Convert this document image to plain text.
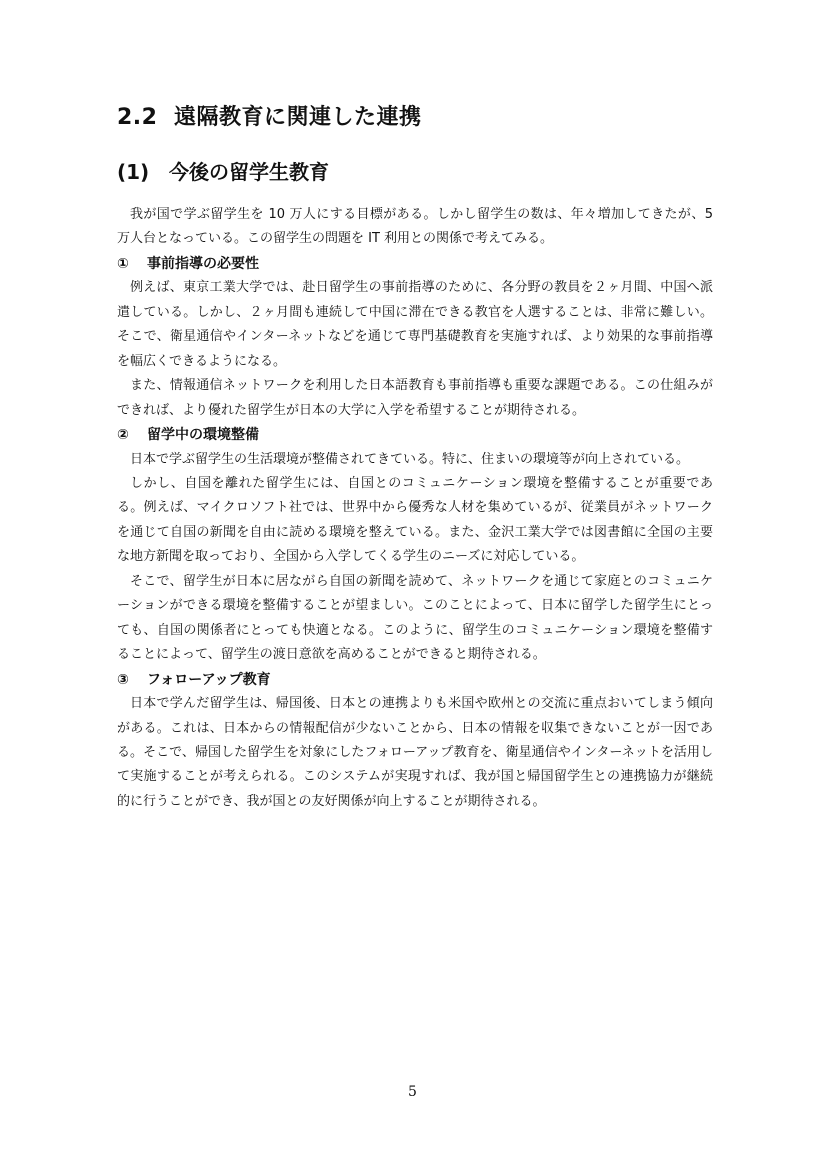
2.2 遠隔教育に関連した連携
(1) 今後の留学生教育

我が国で学ぶ留学生を 10 万人にする目標がある。しかし留学生の数は、年々増加してきたが、5 万人台となっている。この留学生の問題を IT 利用との関係で考えてみる。

① 事前指導の必要性

例えば、東京工業大学では、赴日留学生の事前指導のために、各分野の教員を２ヶ月間、中国へ派遣している。しかし、２ヶ月間も連続して中国に滞在できる教官を人選することは、非常に難しい。そこで、衛星通信やインターネットなどを通じて専門基礎教育を実施すれば、より効果的な事前指導を幅広くできるようになる。

また、情報通信ネットワークを利用した日本語教育も事前指導も重要な課題である。この仕組みができれば、より優れた留学生が日本の大学に入学を希望することが期待される。

② 留学中の環境整備

日本で学ぶ留学生の生活環境が整備されてきている。特に、住まいの環境等が向上されている。

しかし、自国を離れた留学生には、自国とのコミュニケーション環境を整備することが重要である。例えば、マイクロソフト社では、世界中から優秀な人材を集めているが、従業員がネットワークを通じて自国の新聞を自由に読める環境を整えている。また、金沢工業大学では図書館に全国の主要な地方新聞を取っており、全国から入学してくる学生のニーズに対応している。

そこで、留学生が日本に居ながら自国の新聞を読めて、ネットワークを通じて家庭とのコミュニケーションができる環境を整備することが望ましい。このことによって、日本に留学した留学生にとっても、自国の関係者にとっても快適となる。このように、留学生のコミュニケーション環境を整備することによって、留学生の渡日意欲を高めることができると期待される。

③ フォローアップ教育

日本で学んだ留学生は、帰国後、日本との連携よりも米国や欧州との交流に重点おいてしまう傾向がある。これは、日本からの情報配信が少ないことから、日本の情報を収集できないことが一因である。そこで、帰国した留学生を対象にしたフォローアップ教育を、衛星通信やインターネットを活用して実施することが考えられる。このシステムが実現すれば、我が国と帰国留学生との連携協力が継続的に行うことができ、我が国との友好関係が向上することが期待される。

5
